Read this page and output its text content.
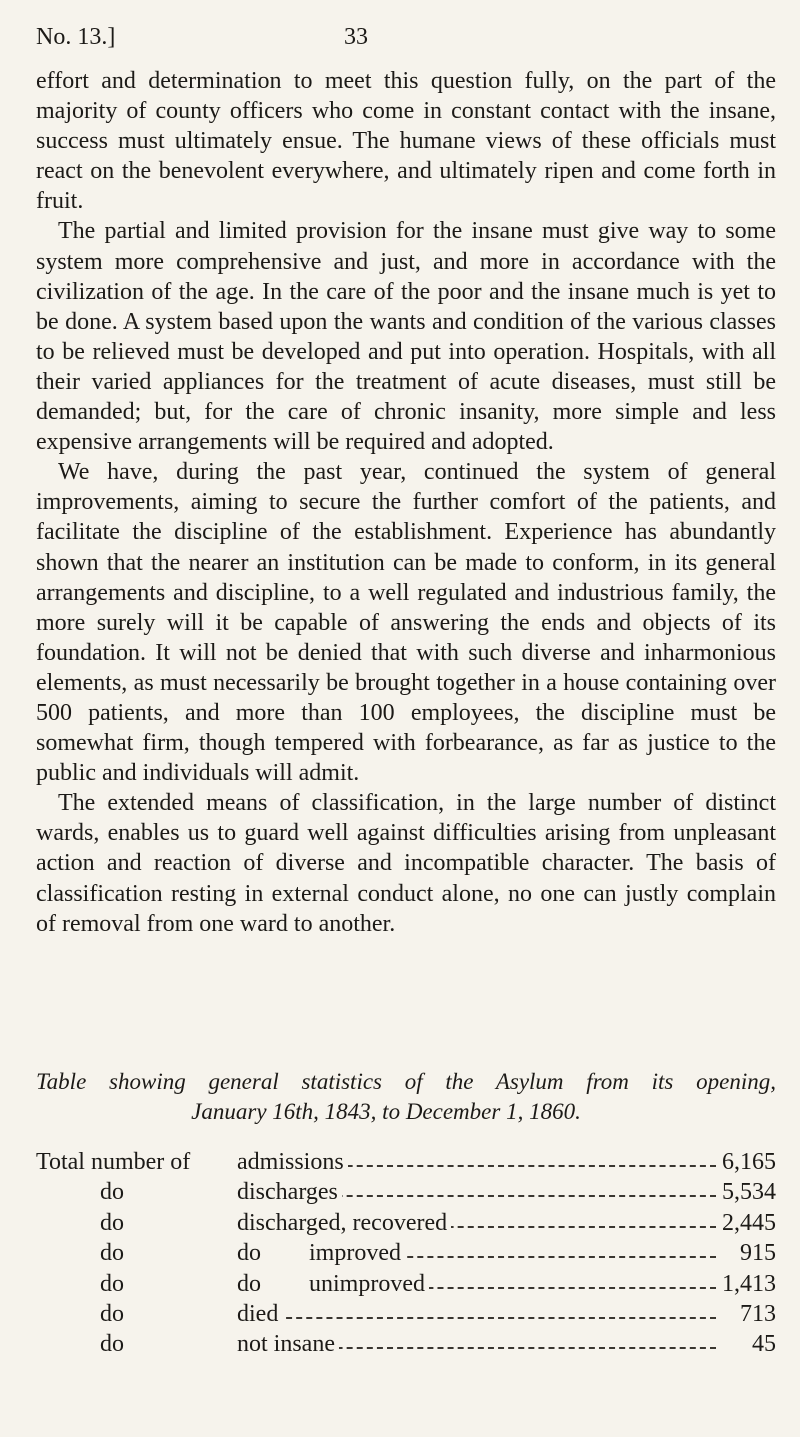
No. 13.]	33

effort and determination to meet this question fully, on the part of the majority of county officers who come in constant contact with the insane, success must ultimately ensue. The humane views of these officials must react on the benevolent everywhere, and ultimately ripen and come forth in fruit.

The partial and limited provision for the insane must give way to some system more comprehensive and just, and more in accordance with the civilization of the age. In the care of the poor and the insane much is yet to be done. A system based upon the wants and condition of the various classes to be relieved must be developed and put into operation. Hospitals, with all their varied appliances for the treatment of acute diseases, must still be demanded; but, for the care of chronic insanity, more simple and less expensive arrangements will be required and adopted.

We have, during the past year, continued the system of general improvements, aiming to secure the further comfort of the patients, and facilitate the discipline of the establishment. Experience has abundantly shown that the nearer an institution can be made to conform, in its general arrangements and discipline, to a well regulated and industrious family, the more surely will it be capable of answering the ends and objects of its foundation. It will not be denied that with such diverse and inharmonious elements, as must necessarily be brought together in a house containing over 500 patients, and more than 100 employees, the discipline must be somewhat firm, though tempered with forbearance, as far as justice to the public and individuals will admit.

The extended means of classification, in the large number of distinct wards, enables us to guard well against difficulties arising from unpleasant action and reaction of diverse and incompatible character. The basis of classification resting in external conduct alone, no one can justly complain of removal from one ward to another.

Table showing general statistics of the Asylum from its opening,
January 16th, 1843, to December 1, 1860.
Total number of admissions	6,165
do	discharges	5,534
do	discharged, recovered	2,445
do	do        improved	915
do	do        unimproved	1,413
do	died	713
do	not insane	45
